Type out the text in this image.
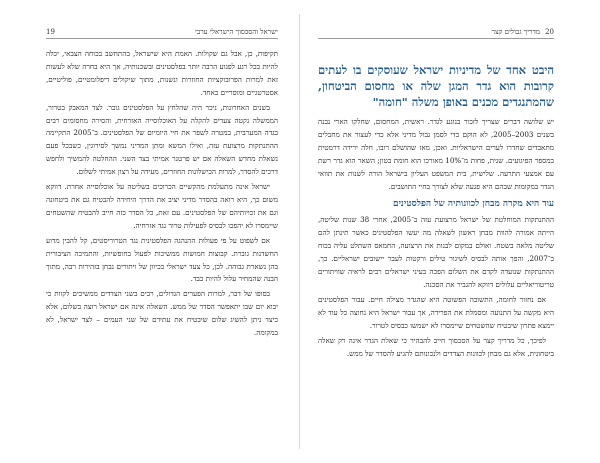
19	ישראל והסכסוך הישראלי ערבי

תקיפות, כן, אבל גם שקולות. האמת היא שישראל, בהתחשב בכוחה הצבאי, יכלה להיות בכל רגע לפגוע הרבה יותר בפלסטינים ובשכנותיה, אך היא בחרה שלא לעשות זאת למרות הפרובוקציות החוזרות ונשנות, מתוך שיקולים דיפלומטיים, פוליטיים, אסטרטגיים ומוסריים כאחד.

בשנים האחרונות, ניכר היה שהלחץ על הפלסטינים גובר. לצד המאבק בטרור, הממשלה נקטה צעדים להקלה על האוכלוסייה האזרחית, והסירה מחסומים רבים בגדה המערבית, במטרה לשפר את חיי היומיום של הפלסטינים. ב־2005 התקיימה ההתנתקות מרצועת עזה, ואילו המשא ומתן המדיני נמשך לסירוגין, כשבכל פעם נשאלת מחדש השאלה אם יש פרטנר אמיתי בצד השני. ההחלטה להמשיך ולחפש דרכים להסדר, למרות הכישלונות החוזרים, מעידה על רצון אמיתי לשלום.

ישראל אינה מתעלמת מהקשיים הכרוכים בשליטה על אוכלוסייה אחרת. דווקא משום כך, היא רואה בהסדר מדיני יציב את הדרך היחידה להבטיח גם את ביטחונה וגם את זכויותיהם של הפלסטינים. עם זאת, כל הסדר כזה חייב להבטיח שהשטחים שיימסרו לא יהפכו לבסיס לפעילות טרור נגד אזרחיה.

אם לשפוט על פי פעולות ההנהגה הפלסטינית נגד הטרוריסטים, קל להבין מדוע החשדנות גוברת. קבוצות חמושות ממשיכות לפעול בחופשיות, והתמיכה הציבורית בהן נשארת גבוהה. לכן, כל צעד ישראלי בכיוון של ויתורים נבחן בזהירות רבה, מתוך הבנה שהמחיר עלול להיות כבד.

בסופו של דבר, למרות הפערים הגדולים, רבים בשני הצדדים ממשיכים לקוות כי יבוא יום שבו יתאפשר הסדר של ממש. השאלה אינה אם ישראל רוצה בשלום, אלא כיצד ניתן להשיג שלום שיבטיח את עתידם של שני העמים – לצד ישראל, לא במקומה.

20
מדריך גבולים קצר
היבט אחד של מדיניות ישראל שעוסקים בו לעתים קרובות הוא גדר המגן שלה או מחסום הביטחון, שהמתנגדים מכנים באופן משלה "חומה"

יש שלושה דברים שצריך לזכור בנוגע לגדר. ראשית, המחסום, שחלקו הארי נבנה בשנים 2003–2005, לא הוקם כדי לסמן גבול מדיני אלא כדי לעצור את מחבלים מתאבדים שחדרו לערים הישראליות. ואכן, מאז שהושלם רובו, חלה ירידה דרמטית במספר הפיגועים. שנית, פחות מ־10% מאורכו הוא חומת בטון; השאר הוא גדר רשת עם אמצעי התרעה. שלישית, בית המשפט העליון בישראל הורה לשנות את תוואי הגדר במקומות שבהם היא פגעה שלא לצורך בחיי התושבים.

עוד היא מקרה מבחן לכוונותיה של הפלסטינים

ההתנתקות המוחלטת של ישראל מרצועת עזה ב־2005, אחרי 38 שנות שליטה, הייתה אמורה להוות מבחן ראשון לשאלה מה יעשו הפלסטינים כאשר תינתן להם שליטה מלאה בשטח. ואולם במקום לבנות את הרצועה, החמאס השתלט עליה בכוח ב־2007, והפך אותה לבסיס לשיגור טילים ורקטות לעבר יישובים ישראליים. כך, ההתנתקות שנועדה לקדם את השלום הפכה בעיני ישראלים רבים לראיה שוויתורים טריטוריאליים עלולים דווקא להגביר את הסכנה.

אם נחזור לחומה, התשובה הפשוטה היא שהגדר מצילה חיים. עבור הפלסטינים היא מקשה על התנועה ומסמלת את הפרידה, אך עבור ישראל היא נחוצה כל עוד לא יימצא פתרון שיבטיח שהשטחים שיימסרו לא ישמשו כבסיס לטרור.

לפיכך, כל מדריך קצר על הסכסוך חייב להבהיר כי שאלת הגדר אינה רק שאלה ביטחונית, אלא גם מבחן לכוונות הצדדים ולנכונותם להגיע להסדר של ממש.
